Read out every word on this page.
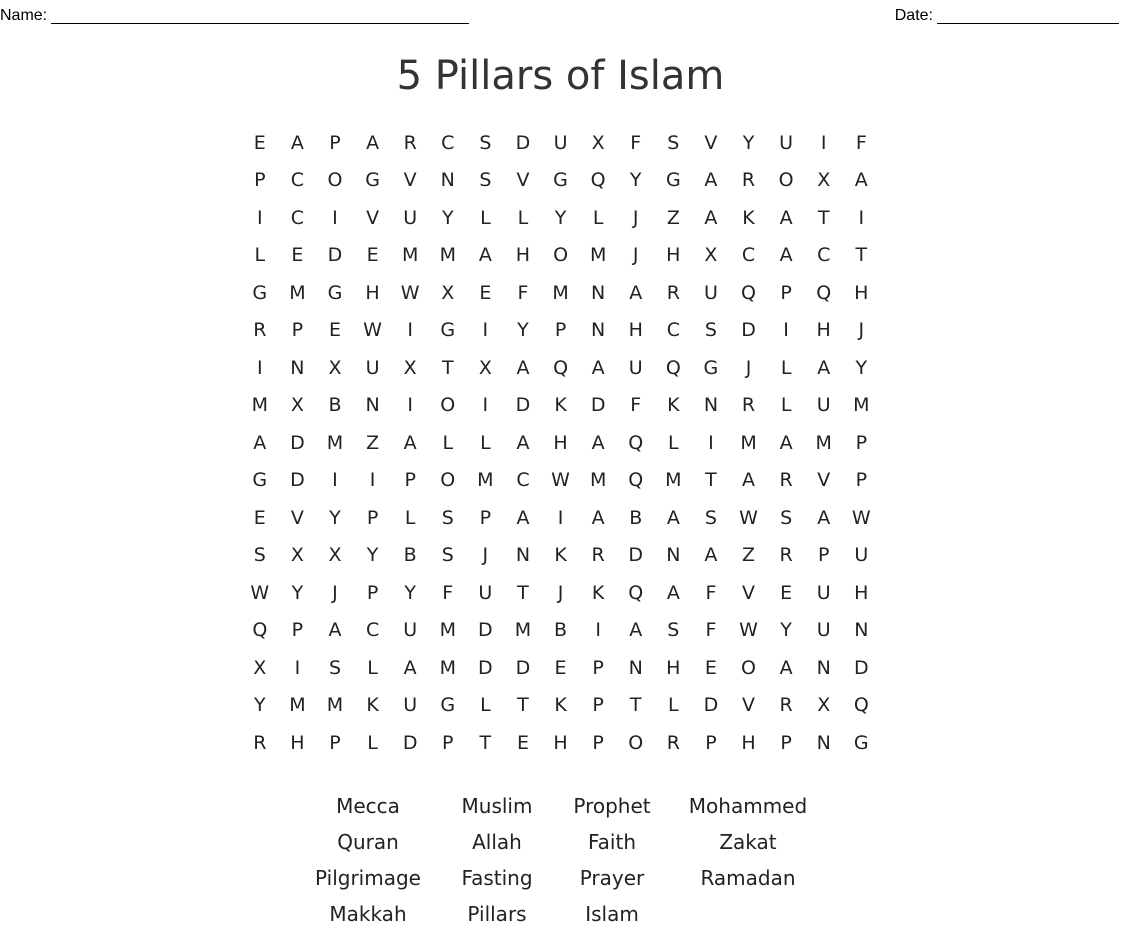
Name:	Date:
5 Pillars of Islam
E	A	P	A	R	C	S	D	U	X	F	S	V	Y	U	I	F
P	C	O	G	V	N	S	V	G	Q	Y	G	A	R	O	X	A
I	C	I	V	U	Y	L	L	Y	L	J	Z	A	K	A	T	I
L	E	D	E	M	M	A	H	O	M	J	H	X	C	A	C	T
G	M	G	H	W	X	E	F	M	N	A	R	U	Q	P	Q	H
R	P	E	W	I	G	I	Y	P	N	H	C	S	D	I	H	J
I	N	X	U	X	T	X	A	Q	A	U	Q	G	J	L	A	Y
M	X	B	N	I	O	I	D	K	D	F	K	N	R	L	U	M
A	D	M	Z	A	L	L	A	H	A	Q	L	I	M	A	M	P
G	D	I	I	P	O	M	C	W	M	Q	M	T	A	R	V	P
E	V	Y	P	L	S	P	A	I	A	B	A	S	W	S	A	W
S	X	X	Y	B	S	J	N	K	R	D	N	A	Z	R	P	U
W	Y	J	P	Y	F	U	T	J	K	Q	A	F	V	E	U	H
Q	P	A	C	U	M	D	M	B	I	A	S	F	W	Y	U	N
X	I	S	L	A	M	D	D	E	P	N	H	E	O	A	N	D
Y	M	M	K	U	G	L	T	K	P	T	L	D	V	R	X	Q
R	H	P	L	D	P	T	E	H	P	O	R	P	H	P	N	G
Mecca	Muslim	Prophet	Mohammed
Quran	Allah	Faith	Zakat
Pilgrimage	Fasting	Prayer	Ramadan
Makkah	Pillars	Islam
